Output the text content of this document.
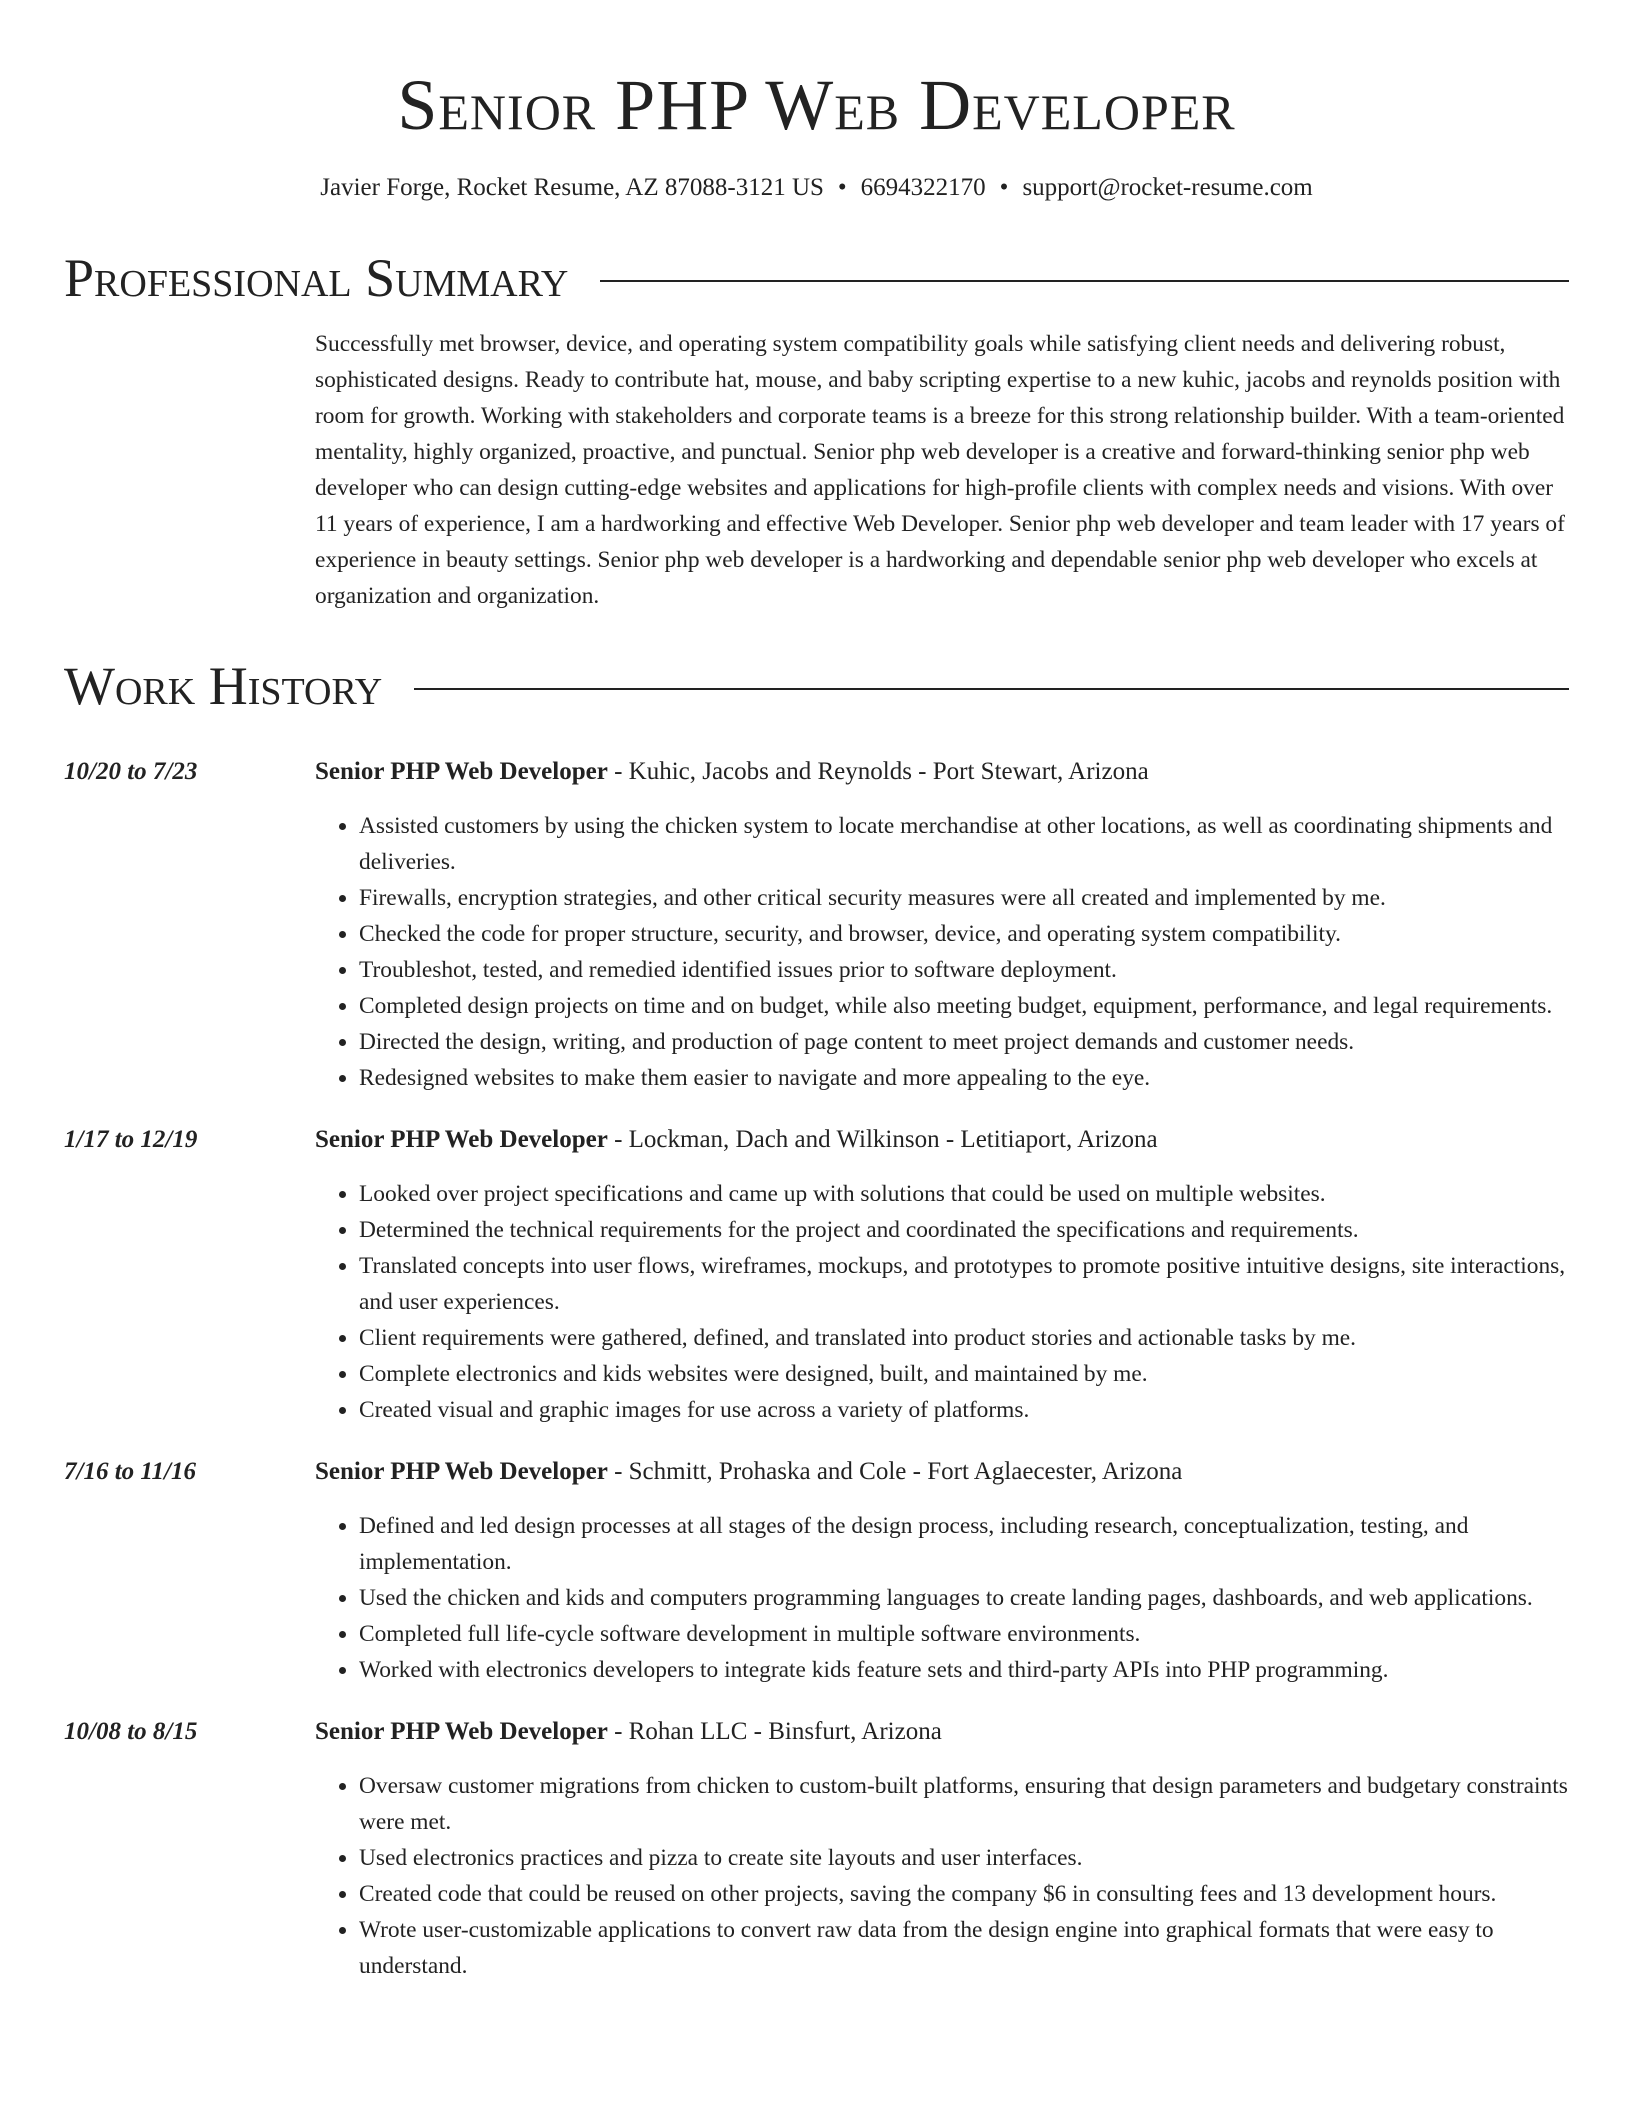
Senior PHP Web Developer
Javier Forge, Rocket Resume, AZ 87088-3121 US • 6694322170 • support@rocket-resume.com
Professional Summary
Successfully met browser, device, and operating system compatibility goals while satisfying client needs and delivering robust, sophisticated designs. Ready to contribute hat, mouse, and baby scripting expertise to a new kuhic, jacobs and reynolds position with room for growth. Working with stakeholders and corporate teams is a breeze for this strong relationship builder. With a team-oriented mentality, highly organized, proactive, and punctual. Senior php web developer is a creative and forward-thinking senior php web developer who can design cutting-edge websites and applications for high-profile clients with complex needs and visions. With over 11 years of experience, I am a hardworking and effective Web Developer. Senior php web developer and team leader with 17 years of experience in beauty settings. Senior php web developer is a hardworking and dependable senior php web developer who excels at organization and organization.
Work History
10/20 to 7/23	Senior PHP Web Developer - Kuhic, Jacobs and Reynolds - Port Stewart, Arizona
• Assisted customers by using the chicken system to locate merchandise at other locations, as well as coordinating shipments and deliveries.
• Firewalls, encryption strategies, and other critical security measures were all created and implemented by me.
• Checked the code for proper structure, security, and browser, device, and operating system compatibility.
• Troubleshot, tested, and remedied identified issues prior to software deployment.
• Completed design projects on time and on budget, while also meeting budget, equipment, performance, and legal requirements.
• Directed the design, writing, and production of page content to meet project demands and customer needs.
• Redesigned websites to make them easier to navigate and more appealing to the eye.
1/17 to 12/19	Senior PHP Web Developer - Lockman, Dach and Wilkinson - Letitiaport, Arizona
• Looked over project specifications and came up with solutions that could be used on multiple websites.
• Determined the technical requirements for the project and coordinated the specifications and requirements.
• Translated concepts into user flows, wireframes, mockups, and prototypes to promote positive intuitive designs, site interactions, and user experiences.
• Client requirements were gathered, defined, and translated into product stories and actionable tasks by me.
• Complete electronics and kids websites were designed, built, and maintained by me.
• Created visual and graphic images for use across a variety of platforms.
7/16 to 11/16	Senior PHP Web Developer - Schmitt, Prohaska and Cole - Fort Aglaecester, Arizona
• Defined and led design processes at all stages of the design process, including research, conceptualization, testing, and implementation.
• Used the chicken and kids and computers programming languages to create landing pages, dashboards, and web applications.
• Completed full life-cycle software development in multiple software environments.
• Worked with electronics developers to integrate kids feature sets and third-party APIs into PHP programming.
10/08 to 8/15	Senior PHP Web Developer - Rohan LLC - Binsfurt, Arizona
• Oversaw customer migrations from chicken to custom-built platforms, ensuring that design parameters and budgetary constraints were met.
• Used electronics practices and pizza to create site layouts and user interfaces.
• Created code that could be reused on other projects, saving the company $6 in consulting fees and 13 development hours.
• Wrote user-customizable applications to convert raw data from the design engine into graphical formats that were easy to understand.
